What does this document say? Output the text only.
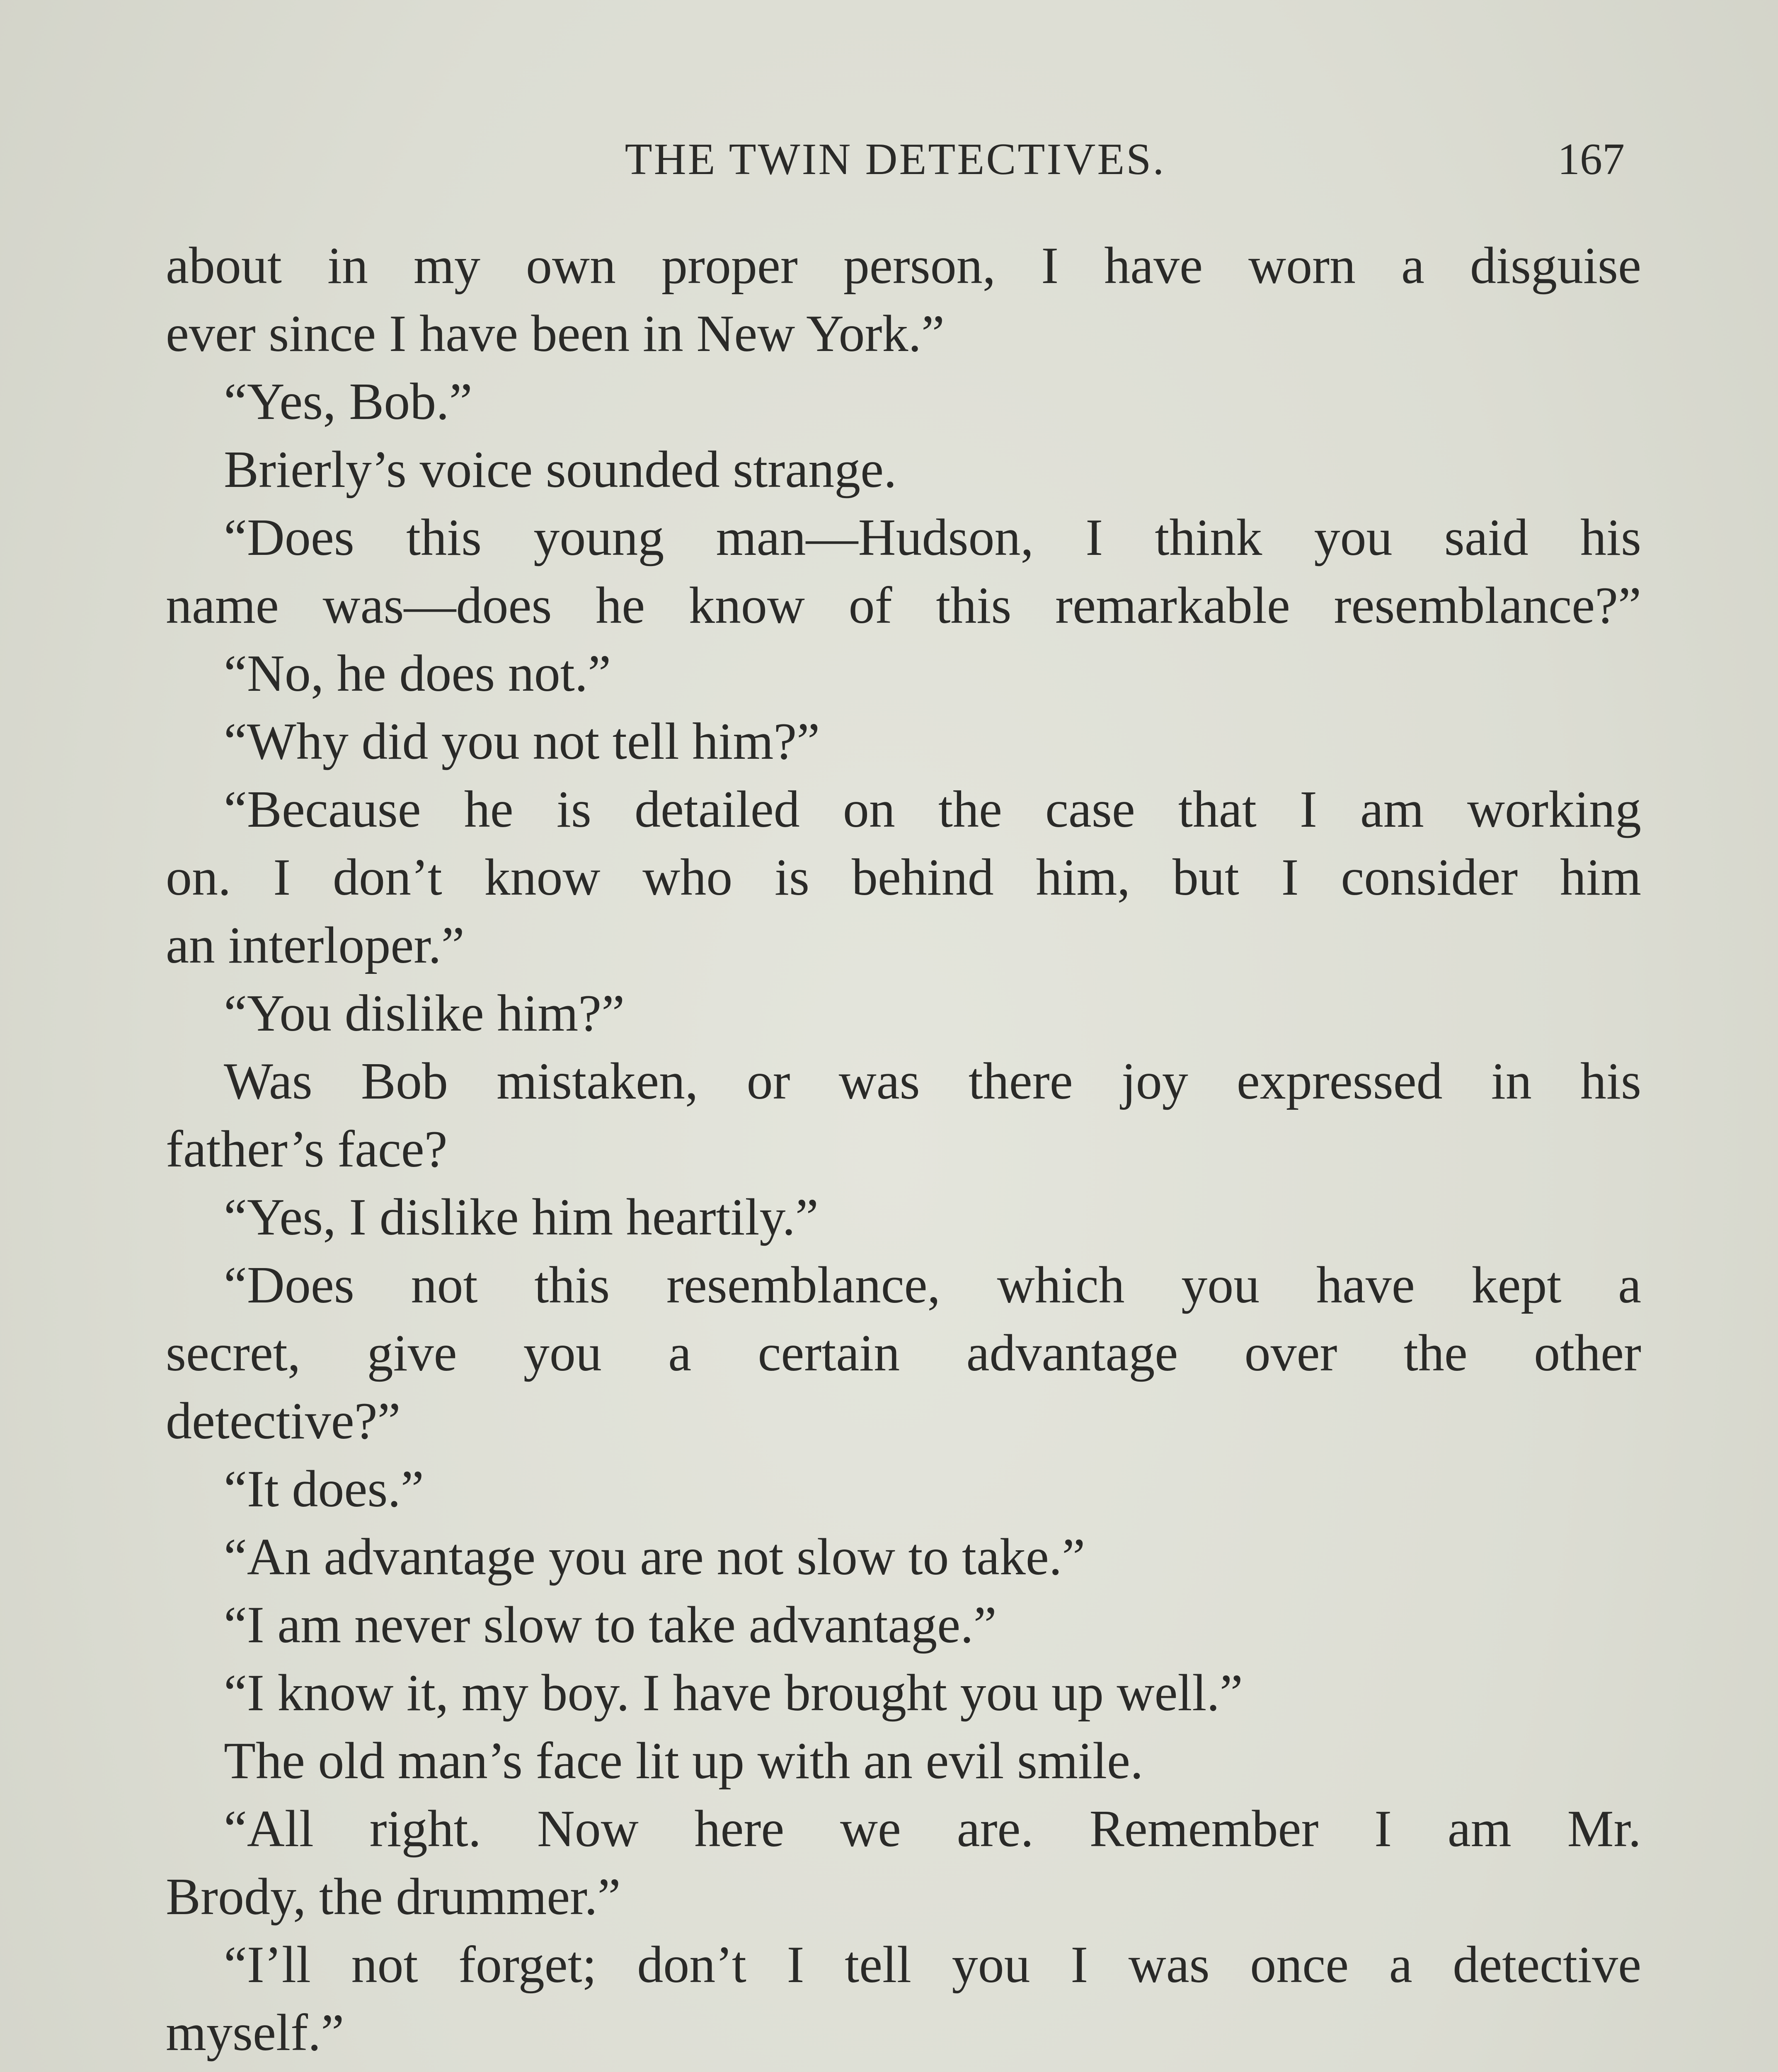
THE TWIN DETECTIVES.	167
about in my own proper person, I have worn a disguise
ever since I have been in New York.”
“Yes, Bob.”
Brierly’s voice sounded strange.
“Does this young man—Hudson, I think you said his
name was—does he know of this remarkable resemblance?”
“No, he does not.”
“Why did you not tell him?”
“Because he is detailed on the case that I am working
on. I don’t know who is behind him, but I consider him
an interloper.”
“You dislike him?”
Was Bob mistaken, or was there joy expressed in his
father’s face?
“Yes, I dislike him heartily.”
“Does not this resemblance, which you have kept a
secret, give you a certain advantage over the other
detective?”
“It does.”
“An advantage you are not slow to take.”
“I am never slow to take advantage.”
“I know it, my boy. I have brought you up well.”
The old man’s face lit up with an evil smile.
“All right. Now here we are. Remember I am Mr.
Brody, the drummer.”
“I’ll not forget; don’t I tell you I was once a detective
myself.”
